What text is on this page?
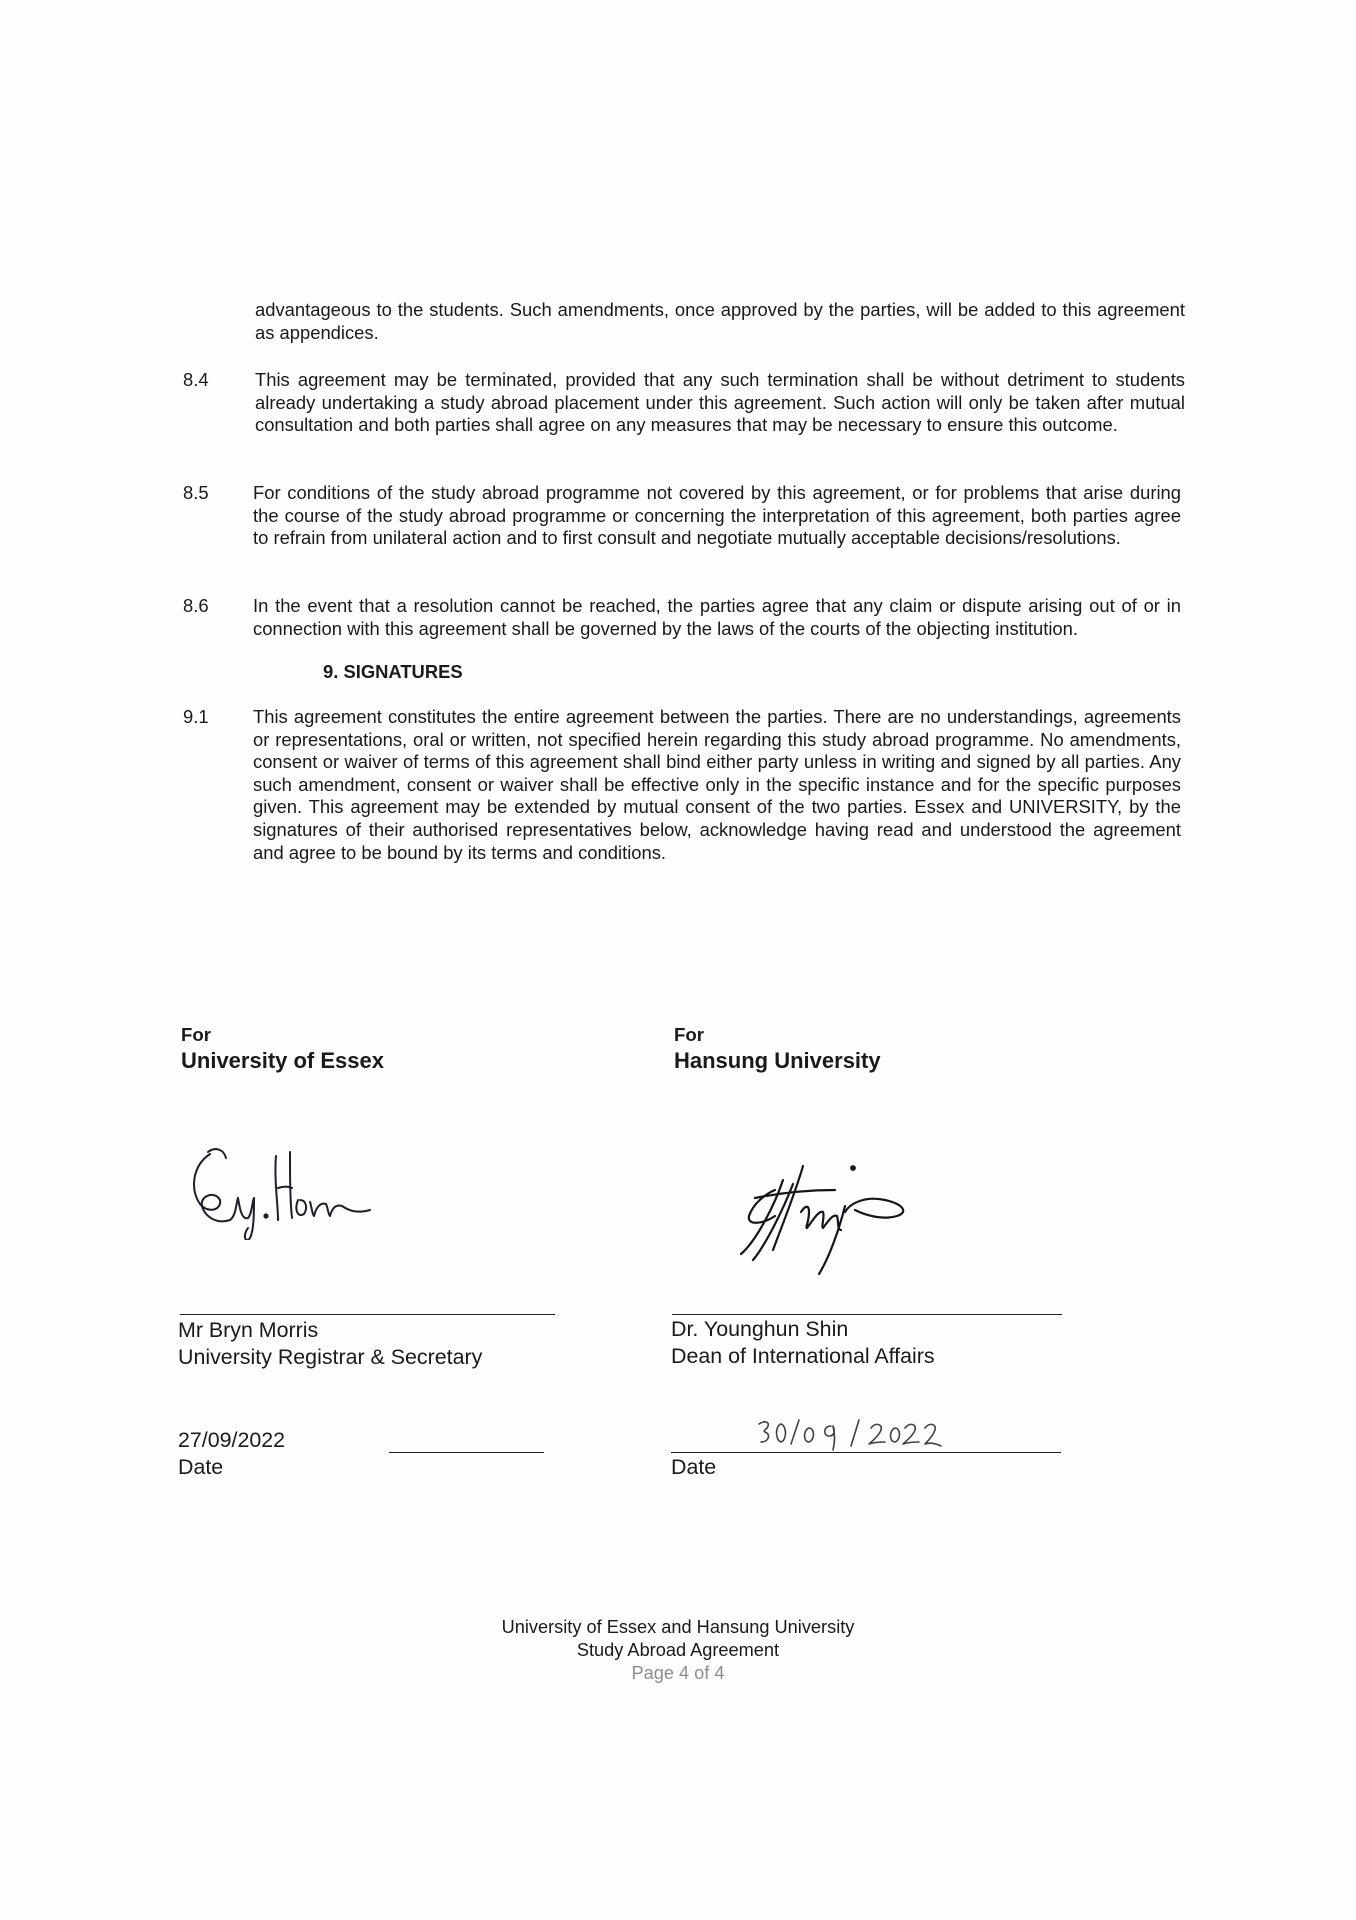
advantageous to the students. Such amendments, once approved by the parties, will be added to this agreement as appendices.
8.4	This agreement may be terminated, provided that any such termination shall be without detriment to students already undertaking a study abroad placement under this agreement. Such action will only be taken after mutual consultation and both parties shall agree on any measures that may be necessary to ensure this outcome.
8.5 For conditions of the study abroad programme not covered by this agreement, or for problems that arise during the course of the study abroad programme or concerning the interpretation of this agreement, both parties agree to refrain from unilateral action and to first consult and negotiate mutually acceptable decisions/resolutions.
8.6 In the event that a resolution cannot be reached, the parties agree that any claim or dispute arising out of or in connection with this agreement shall be governed by the laws of the courts of the objecting institution.
9. SIGNATURES
9.1 This agreement constitutes the entire agreement between the parties. There are no understandings, agreements or representations, oral or written, not specified herein regarding this study abroad programme. No amendments, consent or waiver of terms of this agreement shall bind either party unless in writing and signed by all parties. Any such amendment, consent or waiver shall be effective only in the specific instance and for the specific purposes given. This agreement may be extended by mutual consent of the two parties. Essex and UNIVERSITY, by the signatures of their authorised representatives below, acknowledge having read and understood the agreement and agree to be bound by its terms and conditions.
For
University of Essex
Mr Bryn Morris
University Registrar & Secretary
27/09/2022
Date
For
Hansung University
Dr. Younghun Shin
Dean of International Affairs
Date
University of Essex and Hansung University
Study Abroad Agreement
Page 4 of 4
